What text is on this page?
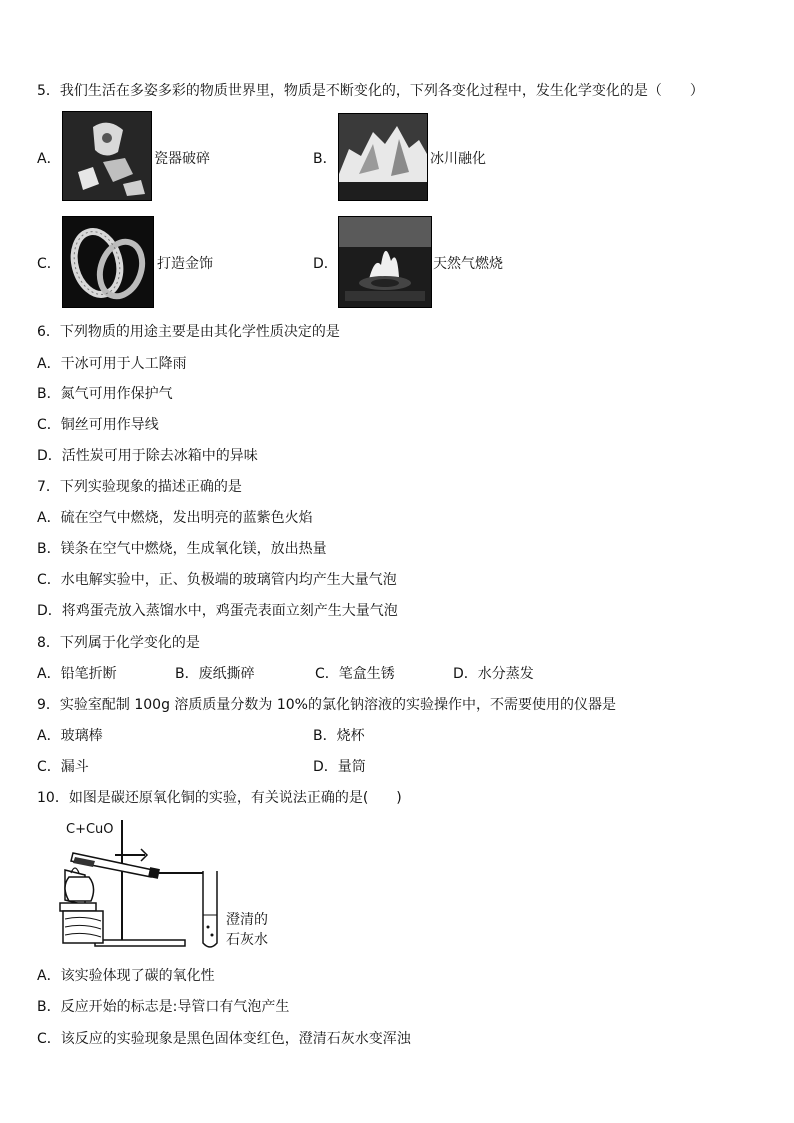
5．我们生活在多姿多彩的物质世界里，物质是不断变化的，下列各变化过程中，发生化学变化的是（　　）
A．	瓷器破碎	B．	冰川融化
C．	打造金饰	D．	天然气燃烧
6．下列物质的用途主要是由其化学性质决定的是
A．干冰可用于人工降雨
B．氮气可用作保护气
C．铜丝可用作导线
D．活性炭可用于除去冰箱中的异味
7．下列实验现象的描述正确的是
A．硫在空气中燃烧，发出明亮的蓝紫色火焰
B．镁条在空气中燃烧，生成氧化镁，放出热量
C．水电解实验中，正、负极端的玻璃管内均产生大量气泡
D．将鸡蛋壳放入蒸馏水中，鸡蛋壳表面立刻产生大量气泡
8．下列属于化学变化的是
A．铅笔折断	B．废纸撕碎	C．笔盒生锈	D．水分蒸发
9．实验室配制 100g 溶质质量分数为 10%的氯化钠溶液的实验操作中，不需要使用的仪器是
A．玻璃棒	B．烧杯
C．漏斗	D．量筒
10．如图是碳还原氧化铜的实验，有关说法正确的是(　　)
C+CuO
澄清的
石灰水
A．该实验体现了碳的氧化性
B．反应开始的标志是:导管口有气泡产生
C．该反应的实验现象是黑色固体变红色，澄清石灰水变浑浊
